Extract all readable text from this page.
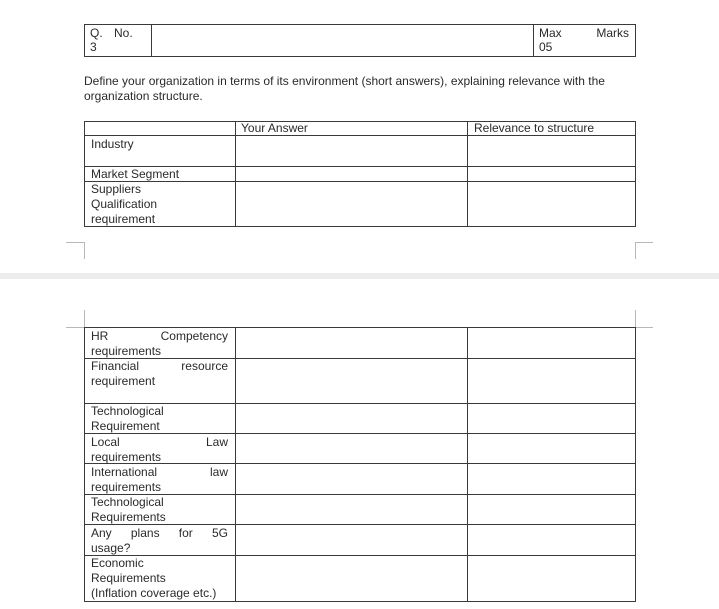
Q. No.
3
Max Marks
05
Define your organization in terms of its environment (short answers), explaining relevance with the organization structure.
Your Answer	Relevance to structure
Industry
Market Segment
Suppliers
Qualification requirement
HR Competency
requirements
Financial resource
requirement
Technological
Requirement
Local Law
requirements
International law
requirements
Technological
Requirements
Any plans for 5G
usage?
Economic
Requirements
(Inflation coverage etc.)
